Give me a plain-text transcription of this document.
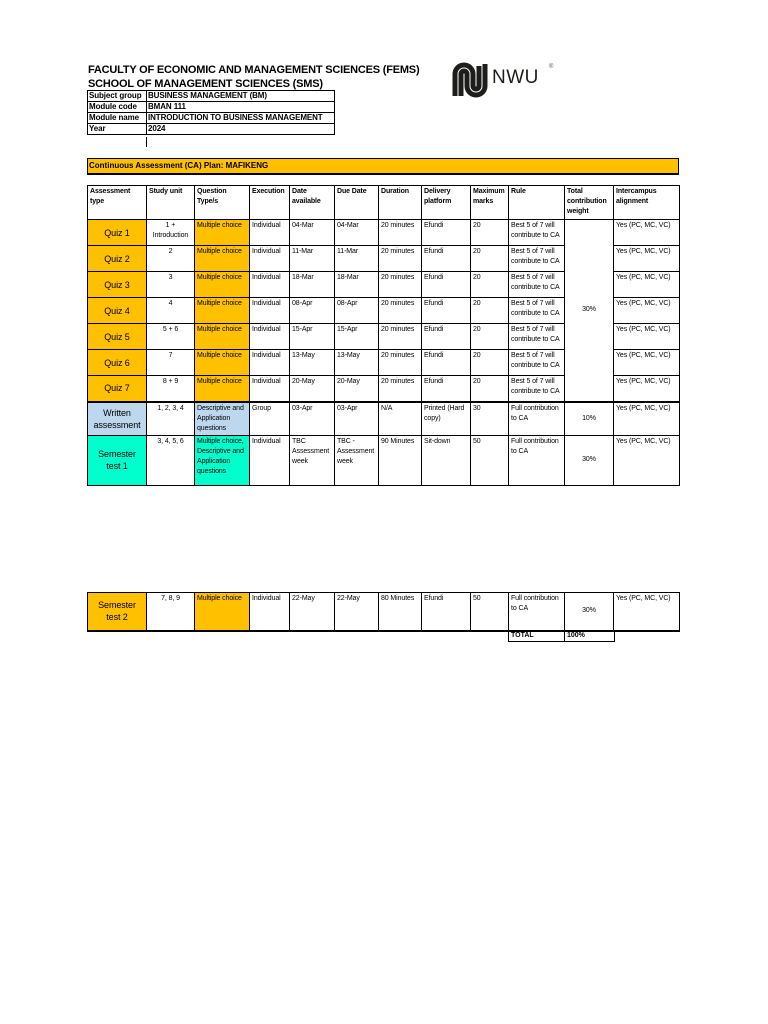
FACULTY OF ECONOMIC AND MANAGEMENT SCIENCES (FEMS)
SCHOOL OF MANAGEMENT SCIENCES (SMS)	NWU ®
Subject group	BUSINESS MANAGEMENT (BM)
Module code	BMAN 111
Module name	INTRODUCTION TO BUSINESS MANAGEMENT
Year	2024
Continuous Assessment (CA) Plan: MAFIKENG
Assessment type	Study unit	Question Type/s	Execution	Date available	Due Date	Duration	Delivery platform	Maximum marks	Rule	Total contribution weight	Intercampus alignment
Quiz 1	1 + Introduction	Multiple choice	Individual	04-Mar	04-Mar	20 minutes	Efundi	20	Best 5 of 7 will contribute to CA	30%	Yes (PC, MC, VC)
Quiz 2	2	Multiple choice	Individual	11-Mar	11-Mar	20 minutes	Efundi	20	Best 5 of 7 will contribute to CA		Yes (PC, MC, VC)
Quiz 3	3	Multiple choice	Individual	18-Mar	18-Mar	20 minutes	Efundi	20	Best 5 of 7 will contribute to CA		Yes (PC, MC, VC)
Quiz 4	4	Multiple choice	Individual	08-Apr	08-Apr	20 minutes	Efundi	20	Best 5 of 7 will contribute to CA		Yes (PC, MC, VC)
Quiz 5	5 + 6	Multiple choice	Individual	15-Apr	15-Apr	20 minutes	Efundi	20	Best 5 of 7 will contribute to CA		Yes (PC, MC, VC)
Quiz 6	7	Multiple choice	Individual	13-May	13-May	20 minutes	Efundi	20	Best 5 of 7 will contribute to CA		Yes (PC, MC, VC)
Quiz 7	8 + 9	Multiple choice	Individual	20-May	20-May	20 minutes	Efundi	20	Best 5 of 7 will contribute to CA		Yes (PC, MC, VC)
Written assessment	1, 2, 3, 4	Descriptive and Application questions	Group	03-Apr	03-Apr	N/A	Printed (Hard copy)	30	Full contribution to CA	10%	Yes (PC, MC, VC)
Semester test 1	3, 4, 5, 6	Multiple choice, Descriptive and Application questions	Individual	TBC Assessment week	TBC - Assessment week	90 Minutes	Sit-down	50	Full contribution to CA	30%	Yes (PC, MC, VC)
Semester test 2	7, 8, 9	Multiple choice	Individual	22-May	22-May	80 Minutes	Efundi	50	Full contribution to CA	30%	Yes (PC, MC, VC)
TOTAL	100%
